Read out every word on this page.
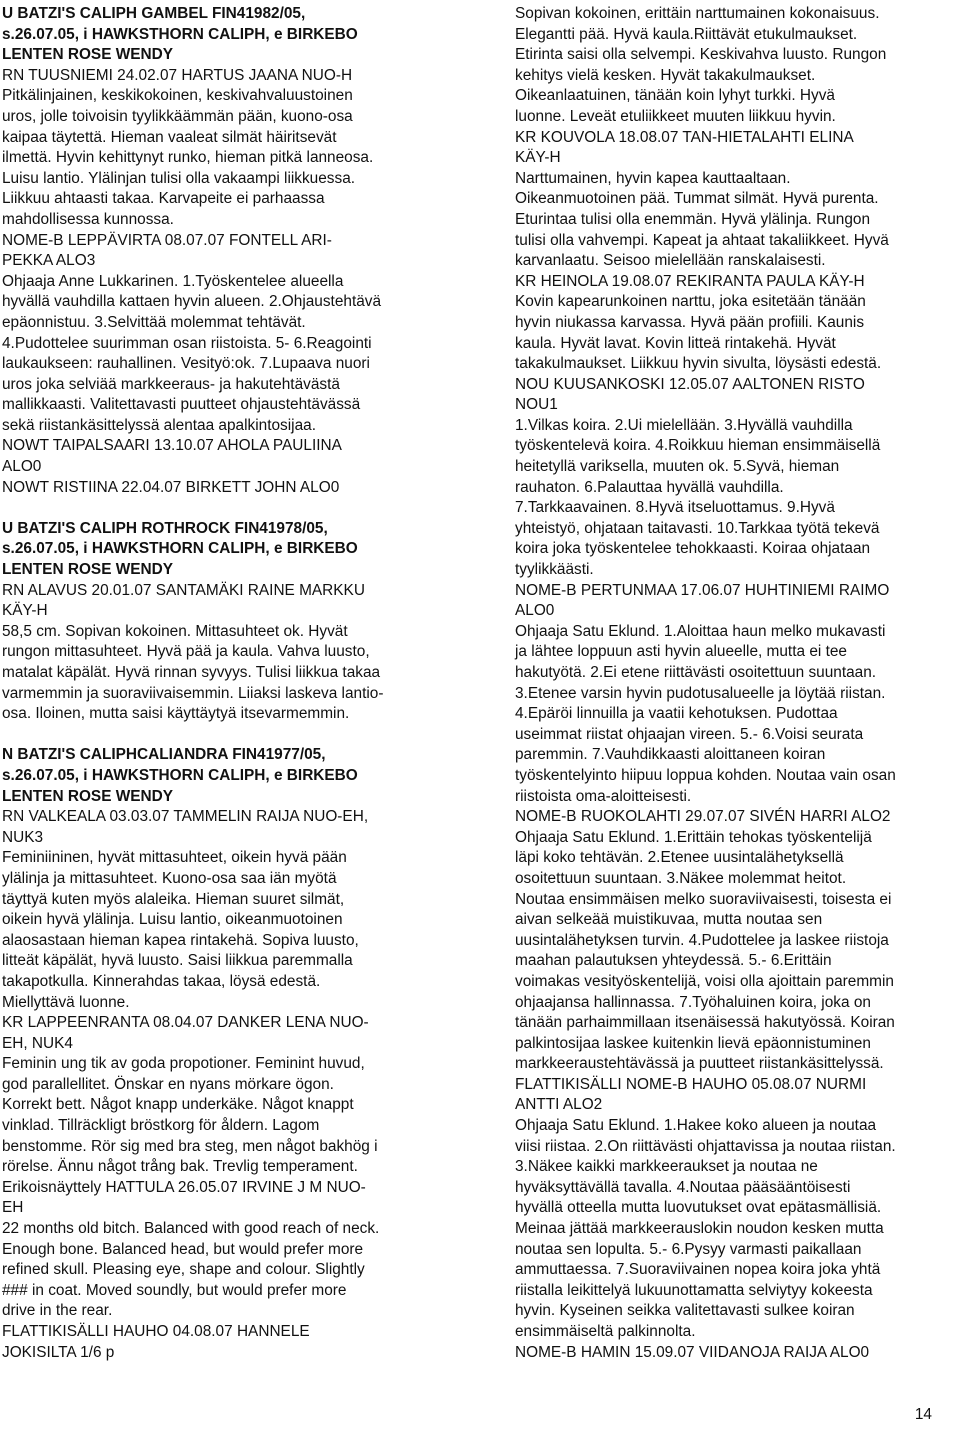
U BATZI'S CALIPH GAMBEL FIN41982/05,
s.26.07.05, i HAWKSTHORN CALIPH, e BIRKEBO
LENTEN ROSE WENDY
RN TUUSNIEMI 24.02.07 HARTUS JAANA NUO-H
Pitkälinjainen, keskikokoinen, keskivahvaluustoinen
uros, jolle toivoisin tyylikkäämmän pään, kuono-osa
kaipaa täytettä. Hieman vaaleat silmät häiritsevät
ilmettä. Hyvin kehittynyt runko, hieman pitkä lanneosa.
Luisu lantio. Ylälinjan tulisi olla vakaampi liikkuessa.
Liikkuu ahtaasti takaa. Karvapeite ei parhaassa
mahdollisessa kunnossa.
NOME-B LEPPÄVIRTA 08.07.07 FONTELL ARI-
PEKKA ALO3
Ohjaaja Anne Lukkarinen. 1.Työskentelee alueella
hyvällä vauhdilla kattaen hyvin alueen. 2.Ohjaustehtävä
epäonnistuu. 3.Selvittää molemmat tehtävät.
4.Pudottelee suurimman osan riistoista. 5- 6.Reagointi
laukaukseen: rauhallinen. Vesityö:ok. 7.Lupaava nuori
uros joka selviää markkeeraus- ja hakutehtävästä
mallikkaasti. Valitettavasti puutteet ohjaustehtävässä
sekä riistankäsittelyssä alentaa apalkintosijaa.
NOWT TAIPALSAARI 13.10.07 AHOLA PAULIINA
ALO0
NOWT RISTIINA 22.04.07 BIRKETT JOHN ALO0
U BATZI'S CALIPH ROTHROCK FIN41978/05,
s.26.07.05, i HAWKSTHORN CALIPH, e BIRKEBO
LENTEN ROSE WENDY
RN ALAVUS 20.01.07 SANTAMÄKI RAINE MARKKU
KÄY-H
58,5 cm. Sopivan kokoinen. Mittasuhteet ok. Hyvät
rungon mittasuhteet. Hyvä pää ja kaula. Vahva luusto,
matalat käpälät. Hyvä rinnan syvyys. Tulisi liikkua takaa
varmemmin ja suoraviivaisemmin. Liiaksi laskeva lantio-
osa. Iloinen, mutta saisi käyttäytyä itsevarmemmin.
N BATZI'S CALIPHCALIANDRA FIN41977/05,
s.26.07.05, i HAWKSTHORN CALIPH, e BIRKEBO
LENTEN ROSE WENDY
RN VALKEALA 03.03.07 TAMMELIN RAIJA NUO-EH,
NUK3
Feminiininen, hyvät mittasuhteet, oikein hyvä pään
ylälinja ja mittasuhteet. Kuono-osa saa iän myötä
täyttyä kuten myös alaleika. Hieman suuret silmät,
oikein hyvä ylälinja. Luisu lantio, oikeanmuotoinen
alaosastaan hieman kapea rintakehä. Sopiva luusto,
litteät käpälät, hyvä luusto. Saisi liikkua paremmalla
takapotkulla. Kinnerahdas takaa, löysä edestä.
Miellyttävä luonne.
KR LAPPEENRANTA 08.04.07 DANKER LENA NUO-
EH, NUK4
Feminin ung tik av goda propotioner. Feminint huvud,
god parallellitet. Önskar en nyans mörkare ögon.
Korrekt bett. Något knapp underkäke. Något knappt
vinklad. Tillräckligt bröstkorg för åldern. Lagom
benstomme. Rör sig med bra steg, men något bakhög i
rörelse. Ännu något trång bak. Trevlig temperament.
Erikoisnäyttely HATTULA 26.05.07 IRVINE J M NUO-
EH
22 months old bitch. Balanced with good reach of neck.
Enough bone. Balanced head, but would prefer more
refined skull. Pleasing eye, shape and colour. Slightly
### in coat. Moved soundly, but would prefer more
drive in the rear.
FLATTIKISÄLLI HAUHO 04.08.07 HANNELE
JOKISILTA 1/6 p
Sopivan kokoinen, erittäin narttumainen kokonaisuus.
Elegantti pää. Hyvä kaula.Riittävät etukulmaukset.
Etirinta saisi olla selvempi. Keskivahva luusto. Rungon
kehitys vielä kesken. Hyvät takakulmaukset.
Oikeanlaatuinen, tänään koin lyhyt turkki. Hyvä
luonne. Leveät etuliikkeet muuten liikkuu hyvin.
KR KOUVOLA 18.08.07 TAN-HIETALAHTI ELINA
KÄY-H
Narttumainen, hyvin kapea kauttaaltaan.
Oikeanmuotoinen pää. Tummat silmät. Hyvä purenta.
Eturintaa tulisi olla enemmän. Hyvä ylälinja. Rungon
tulisi olla vahvempi. Kapeat ja ahtaat takaliikkeet. Hyvä
karvanlaatu. Seisoo mielellään ranskalaisesti.
KR HEINOLA 19.08.07 REKIRANTA PAULA KÄY-H
Kovin kapearunkoinen narttu, joka esitetään tänään
hyvin niukassa karvassa. Hyvä pään profiili. Kaunis
kaula. Hyvät lavat. Kovin litteä rintakehä. Hyvät
takakulmaukset. Liikkuu hyvin sivulta, löysästi edestä.
NOU KUUSANKOSKI 12.05.07 AALTONEN RISTO
NOU1
1.Vilkas koira. 2.Ui mielellään. 3.Hyvällä vauhdilla
työskentelevä koira. 4.Roikkuu hieman ensimmäisellä
heitetyllä variksella, muuten ok. 5.Syvä, hieman
rauhaton. 6.Palauttaa hyvällä vauhdilla.
7.Tarkkaavainen. 8.Hyvä itseluottamus. 9.Hyvä
yhteistyö, ohjataan taitavasti. 10.Tarkkaa työtä tekevä
koira joka työskentelee tehokkaasti. Koiraa ohjataan
tyylikkäästi.
NOME-B PERTUNMAA 17.06.07 HUHTINIEMI RAIMO
ALO0
Ohjaaja Satu Eklund. 1.Aloittaa haun melko mukavasti
ja lähtee loppuun asti hyvin alueelle, mutta ei tee
hakutyötä. 2.Ei etene riittävästi osoitettuun suuntaan.
3.Etenee varsin hyvin pudotusalueelle ja löytää riistan.
4.Epäröi linnuilla ja vaatii kehotuksen. Pudottaa
useimmat riistat ohjaajan vireen. 5.- 6.Voisi seurata
paremmin. 7.Vauhdikkaasti aloittaneen koiran
työskentelyinto hiipuu loppua kohden. Noutaa vain osan
riistoista oma-aloitteisesti.
NOME-B RUOKOLAHTI 29.07.07 SIVÉN HARRI ALO2
Ohjaaja Satu Eklund. 1.Erittäin tehokas työskentelijä
läpi koko tehtävän. 2.Etenee uusintalähetyksellä
osoitettuun suuntaan. 3.Näkee molemmat heitot.
Noutaa ensimmäisen melko suoraviivaisesti, toisesta ei
aivan selkeää muistikuvaa, mutta noutaa sen
uusintalähetyksen turvin. 4.Pudottelee ja laskee riistoja
maahan palautuksen yhteydessä. 5.- 6.Erittäin
voimakas vesityöskentelijä, voisi olla ajoittain paremmin
ohjaajansa hallinnassa. 7.Työhaluinen koira, joka on
tänään parhaimmillaan itsenäisessä hakutyössä. Koiran
palkintosijaa laskee kuitenkin lievä epäonnistuminen
markkeeraustehtävässä ja puutteet riistankäsittelyssä.
FLATTIKISÄLLI NOME-B HAUHO 05.08.07 NURMI
ANTTI ALO2
Ohjaaja Satu Eklund. 1.Hakee koko alueen ja noutaa
viisi riistaa. 2.On riittävästi ohjattavissa ja noutaa riistan.
3.Näkee kaikki markkeeraukset ja noutaa ne
hyväksyttävällä tavalla. 4.Noutaa pääsääntöisesti
hyvällä otteella mutta luovutukset ovat epätasmällisiä.
Meinaa jättää markkeerauslokin noudon kesken mutta
noutaa sen lopulta. 5.- 6.Pysyy varmasti paikallaan
ammuttaessa. 7.Suoraviivainen nopea koira joka yhtä
riistalla leikittelyä lukuunottamatta selviytyy kokeesta
hyvin. Kyseinen seikka valitettavasti sulkee koiran
ensimmäiseltä palkinnolta.
NOME-B HAMIN 15.09.07 VIIDANOJA RAIJA ALO0
14
